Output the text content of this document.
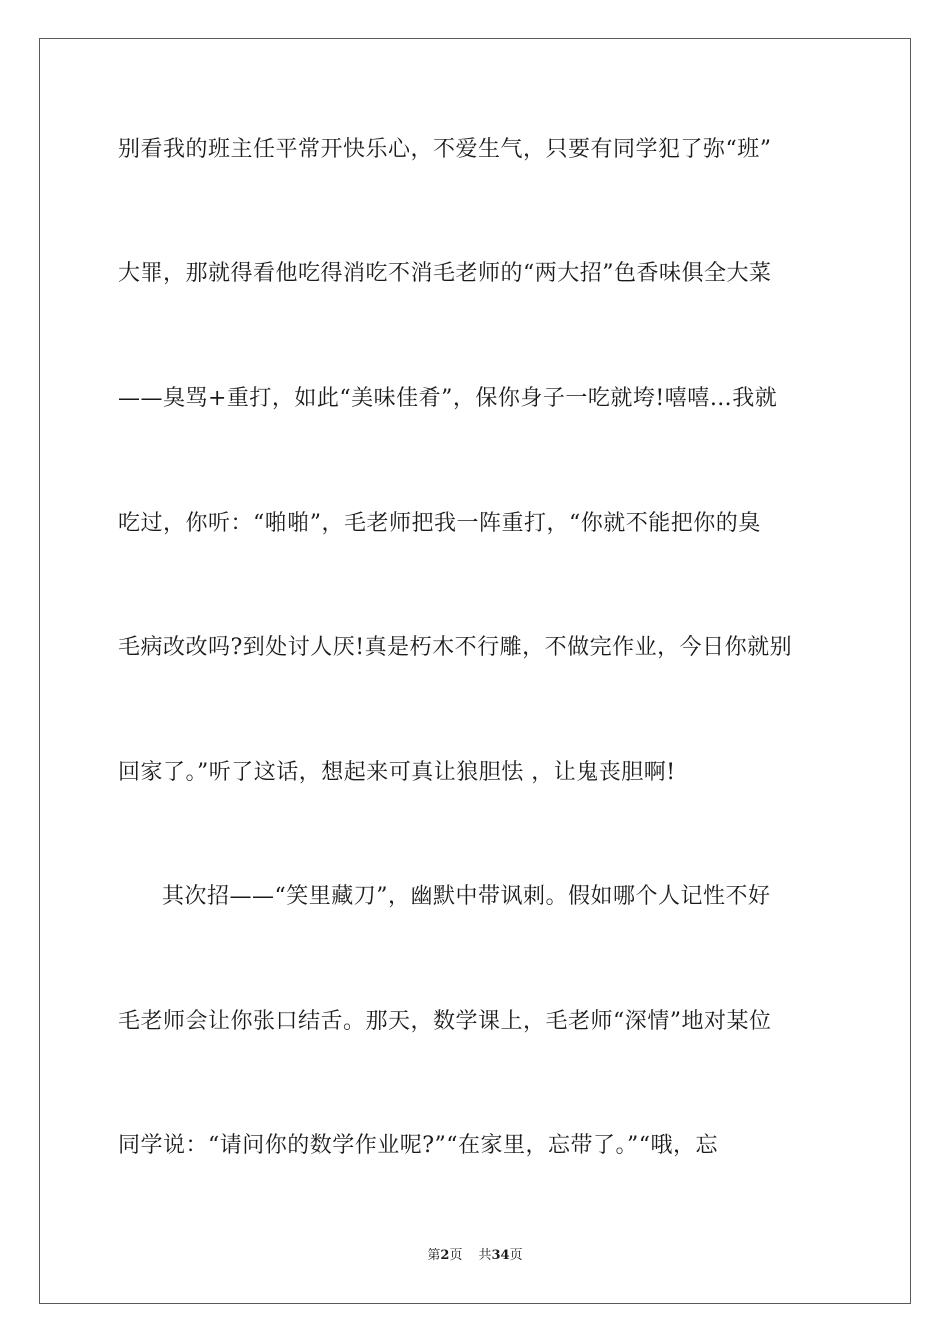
别看我的班主任平常开快乐心，不爱生气，只要有同学犯了弥“班”
大罪，那就得看他吃得消吃不消毛老师的“两大招”色香味俱全大菜
——臭骂+重打，如此“美味佳肴”，保你身子一吃就垮!嘻嘻…我就
吃过，你听：“啪啪”，毛老师把我一阵重打，“你就不能把你的臭
毛病改改吗?到处讨人厌!真是朽木不行雕，不做完作业，今日你就别
回家了。”听了这话，想起来可真让狼胆怯 ，让鬼丧胆啊!
其次招——“笑里藏刀”，幽默中带讽刺。假如哪个人记性不好
毛老师会让你张口结舌。那天，数学课上，毛老师“深情”地对某位
同学说：“请问你的数学作业呢?”“在家里，忘带了。”“哦，忘
第2页 共34页
